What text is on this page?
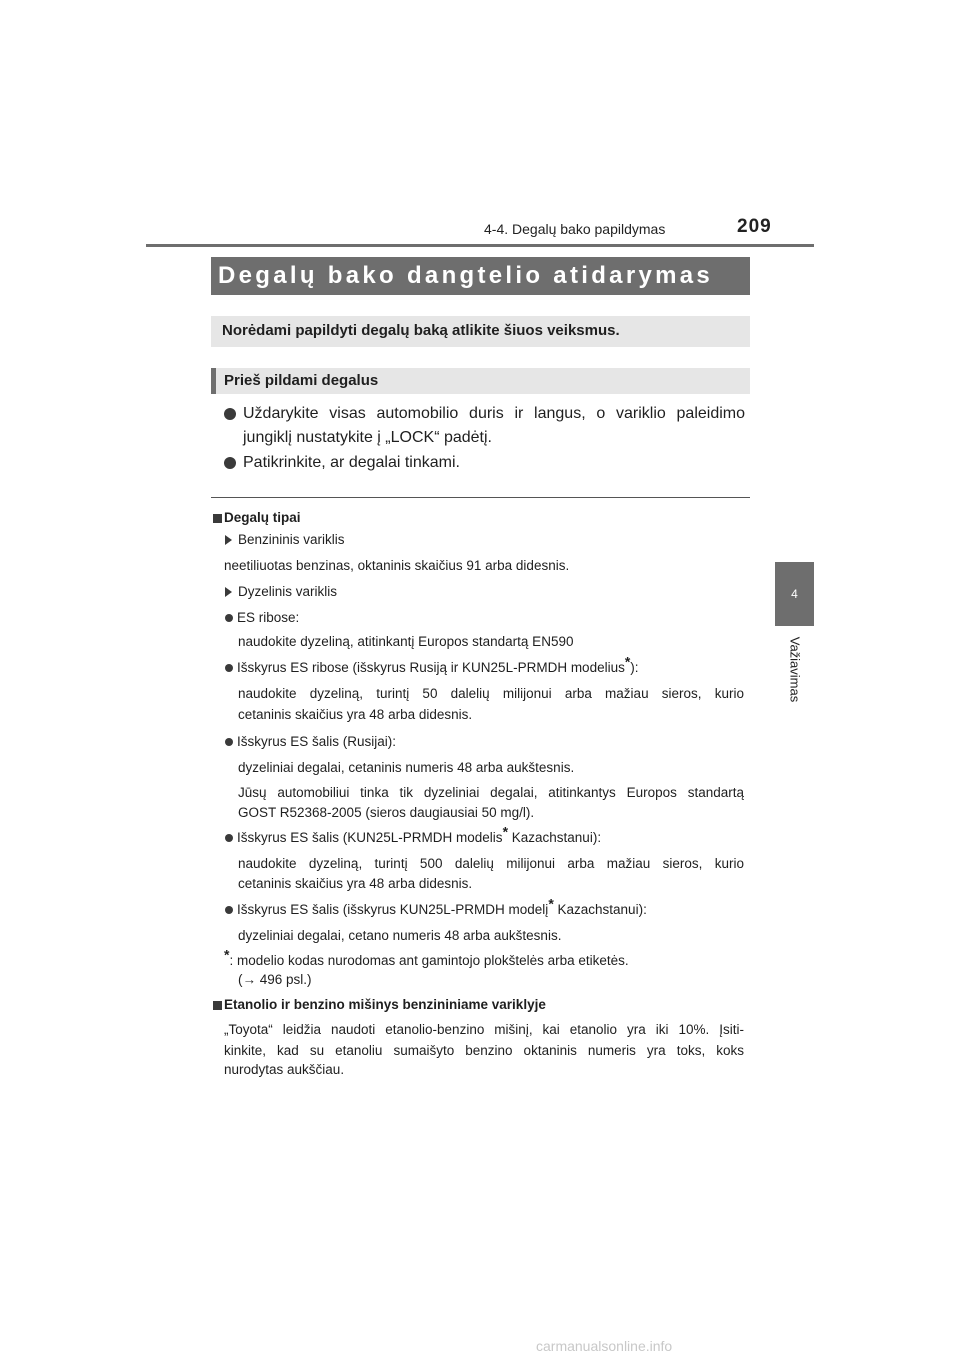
4-4. Degalų bako papildymas	209
4
Važiavimas
Degalų bako dangtelio atidarymas
Norėdami papildyti degalų baką atlikite šiuos veiksmus.
Prieš pildami degalus
Uždarykite visas automobilio duris ir langus, o variklio paleidimo
jungiklį nustatykite į „LOCK“ padėtį.
Patikrinkite, ar degalai tinkami.
Degalų tipai
Benzininis variklis
neetiliuotas benzinas, oktaninis skaičius 91 arba didesnis.
Dyzelinis variklis
ES ribose:
naudokite dyzeliną, atitinkantį Europos standartą EN590
Išskyrus ES ribose (išskyrus Rusiją ir KUN25L-PRMDH modelius*):
naudokite dyzeliną, turintį 50 dalelių milijonui arba mažiau sieros, kurio
cetaninis skaičius yra 48 arba didesnis.
Išskyrus ES šalis (Rusijai):
dyzeliniai degalai, cetaninis numeris 48 arba aukštesnis.
Jūsų automobiliui tinka tik dyzeliniai degalai, atitinkantys Europos standartą
GOST R52368-2005 (sieros daugiausiai 50 mg/l).
Išskyrus ES šalis (KUN25L-PRMDH modelis* Kazachstanui):
naudokite dyzeliną, turintį 500 dalelių milijonui arba mažiau sieros, kurio
cetaninis skaičius yra 48 arba didesnis.
Išskyrus ES šalis (išskyrus KUN25L-PRMDH modelį* Kazachstanui):
dyzeliniai degalai, cetano numeris 48 arba aukštesnis.
*: modelio kodas nurodomas ant gamintojo plokštelės arba etiketės.
(→ 496 psl.)
Etanolio ir benzino mišinys benzininiame variklyje
„Toyota“ leidžia naudoti etanolio-benzino mišinį, kai etanolio yra iki 10%. Įsiti-
kinkite, kad su etanoliu sumaišyto benzino oktaninis numeris yra toks, koks
nurodytas aukščiau.
carmanualsonline.info
